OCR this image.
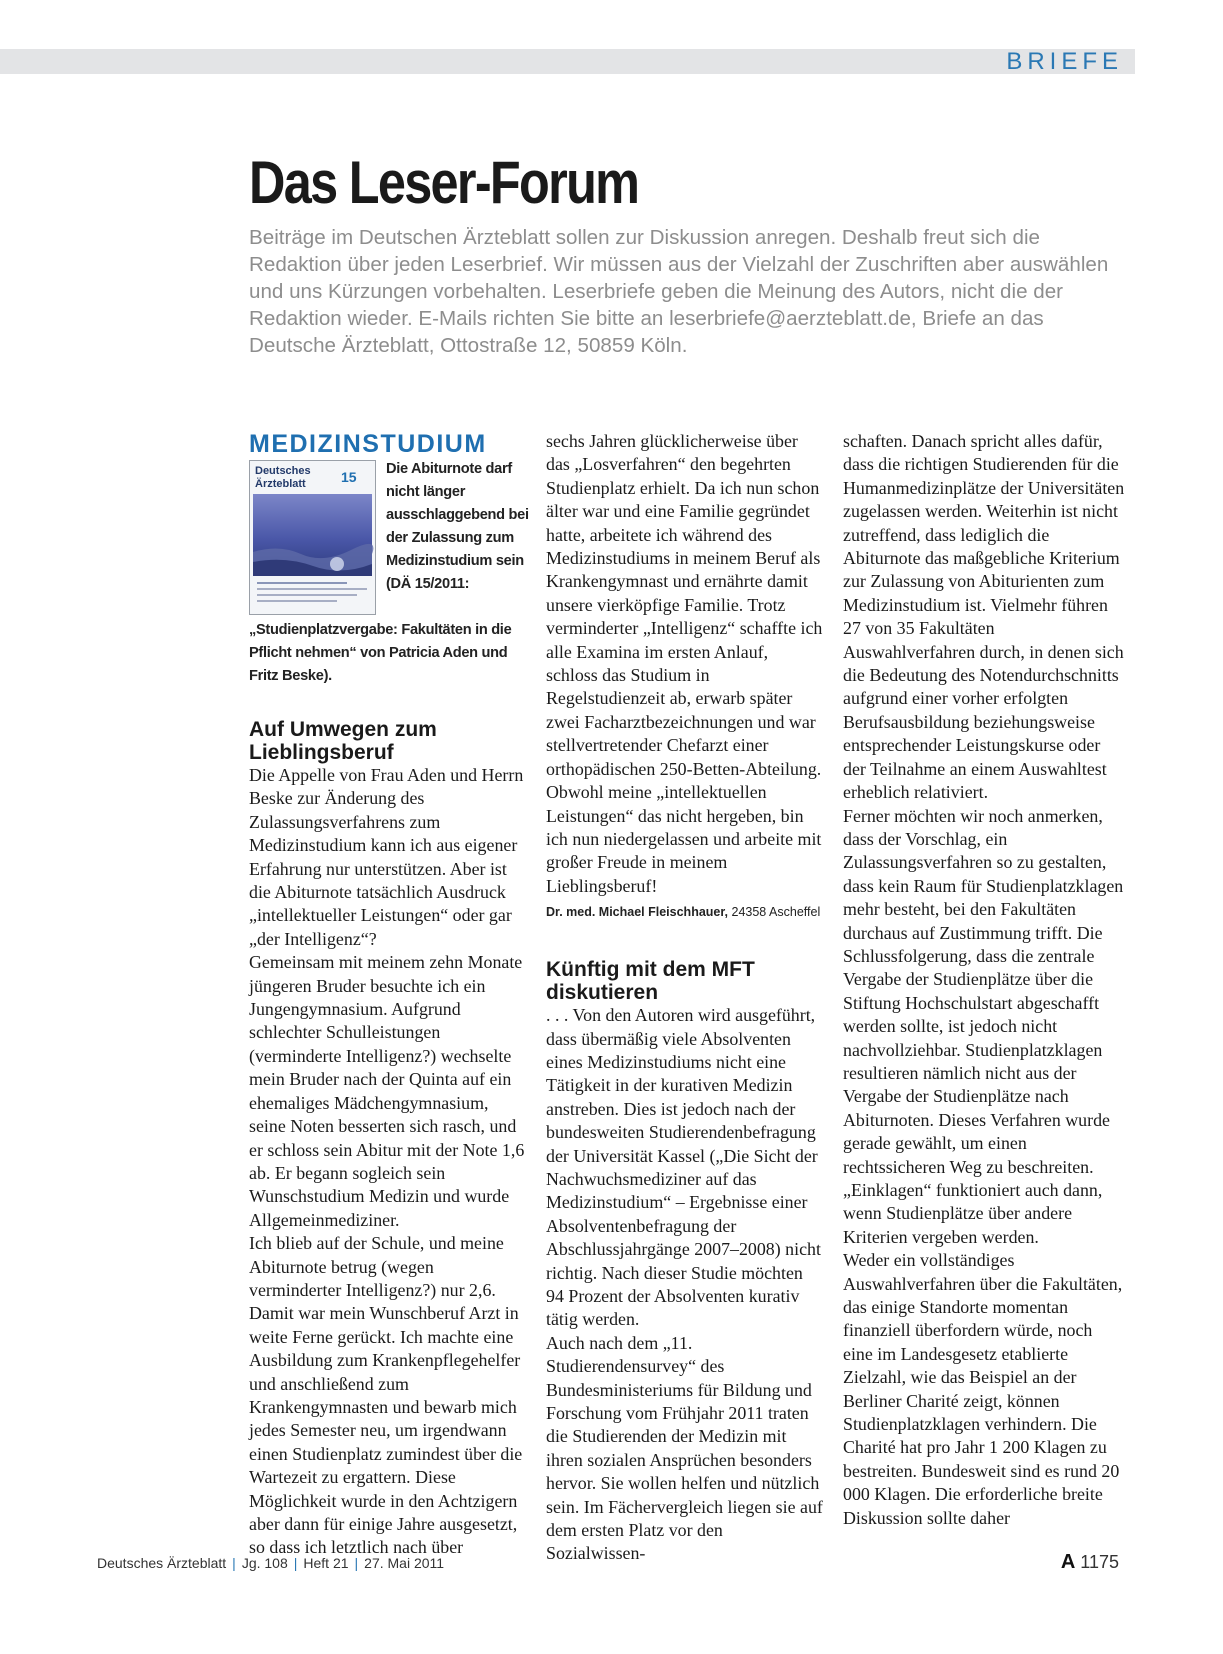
BRIEFE
Das Leser-Forum

Beiträge im Deutschen Ärzteblatt sollen zur Diskussion anregen. Deshalb freut sich die Redaktion über jeden Leserbrief. Wir müssen aus der Vielzahl der Zuschriften aber auswählen und uns Kürzungen vorbehalten. Leserbriefe geben die Meinung des Autors, nicht die der Redaktion wieder. E-Mails richten Sie bitte an leserbriefe@aerzteblatt.de, Briefe an das Deutsche Ärzteblatt, Ottostraße 12, 50859 Köln.

MEDIZINSTUDIUM
Deutsches
Ärzteblatt	15	Die Abiturnote darf nicht länger ausschlaggebend bei der Zulassung zum Medizinstudium sein (DÄ 15/2011: „Studienplatzvergabe: Fakultäten in die Pflicht nehmen“ von Patricia Aden und Fritz Beske).

Auf Umwegen zum Lieblingsberuf

Die Appelle von Frau Aden und Herrn Beske zur Änderung des Zulassungsverfahrens zum Medizinstudium kann ich aus eigener Erfahrung nur unterstützen. Aber ist die Abiturnote tatsächlich Ausdruck „intellektueller Leistungen“ oder gar „der Intelligenz“?

Gemeinsam mit meinem zehn Monate jüngeren Bruder besuchte ich ein Jungengymnasium. Aufgrund schlechter Schulleistungen (verminderte Intelligenz?) wechselte mein Bruder nach der Quinta auf ein ehemaliges Mädchengymnasium, seine Noten besserten sich rasch, und er schloss sein Abitur mit der Note 1,6 ab. Er begann sogleich sein Wunschstudium Medizin und wurde Allgemeinmediziner.

Ich blieb auf der Schule, und meine Abiturnote betrug (wegen verminderter Intelligenz?) nur 2,6. Damit war mein Wunschberuf Arzt in weite Ferne gerückt. Ich machte eine Ausbildung zum Krankenpflegehelfer und anschließend zum Krankengymnasten und bewarb mich jedes Semester neu, um irgendwann einen Studienplatz zumindest über die Wartezeit zu ergattern. Diese Möglichkeit wurde in den Achtzigern aber dann für einige Jahre ausgesetzt, so dass ich letztlich nach über

sechs Jahren glücklicherweise über das „Losverfahren“ den begehrten Studienplatz erhielt. Da ich nun schon älter war und eine Familie gegründet hatte, arbeitete ich während des Medizinstudiums in meinem Beruf als Krankengymnast und ernährte damit unsere vierköpfige Familie. Trotz verminderter „Intelligenz“ schaffte ich alle Examina im ersten Anlauf, schloss das Studium in Regelstudienzeit ab, erwarb später zwei Facharztbezeichnungen und war stellvertretender Chefarzt einer orthopädischen 250-Betten-Abteilung. Obwohl meine „intellektuellen Leistungen“ das nicht hergeben, bin ich nun niedergelassen und arbeite mit großer Freude in meinem Lieblingsberuf!

Dr. med. Michael Fleischhauer, 24358 Ascheffel

Künftig mit dem MFT diskutieren

. . . Von den Autoren wird ausgeführt, dass übermäßig viele Absolventen eines Medizinstudiums nicht eine Tätigkeit in der kurativen Medizin anstreben. Dies ist jedoch nach der bundesweiten Studierendenbefragung der Universität Kassel („Die Sicht der Nachwuchsmediziner auf das Medizinstudium“ – Ergebnisse einer Absolventenbefragung der Abschlussjahrgänge 2007–2008) nicht richtig. Nach dieser Studie möchten 94 Prozent der Absolventen kurativ tätig werden.

Auch nach dem „11. Studierendensurvey“ des Bundesministeriums für Bildung und Forschung vom Frühjahr 2011 traten die Studierenden der Medizin mit ihren sozialen Ansprüchen besonders hervor. Sie wollen helfen und nützlich sein. Im Fächervergleich liegen sie auf dem ersten Platz vor den Sozialwissen-

schaften. Danach spricht alles dafür, dass die richtigen Studierenden für die Humanmedizinplätze der Universitäten zugelassen werden. Weiterhin ist nicht zutreffend, dass lediglich die Abiturnote das maßgebliche Kriterium zur Zulassung von Abiturienten zum Medizinstudium ist. Vielmehr führen 27 von 35 Fakultäten Auswahlverfahren durch, in denen sich die Bedeutung des Notendurchschnitts aufgrund einer vorher erfolgten Berufsausbildung beziehungsweise entsprechender Leistungskurse oder der Teilnahme an einem Auswahltest erheblich relativiert.

Ferner möchten wir noch anmerken, dass der Vorschlag, ein Zulassungsverfahren so zu gestalten, dass kein Raum für Studienplatzklagen mehr besteht, bei den Fakultäten durchaus auf Zustimmung trifft. Die Schlussfolgerung, dass die zentrale Vergabe der Studienplätze über die Stiftung Hochschulstart abgeschafft werden sollte, ist jedoch nicht nachvollziehbar. Studienplatzklagen resultieren nämlich nicht aus der Vergabe der Studienplätze nach Abiturnoten. Dieses Verfahren wurde gerade gewählt, um einen rechtssicheren Weg zu beschreiten. „Einklagen“ funktioniert auch dann, wenn Studienplätze über andere Kriterien vergeben werden.

Weder ein vollständiges Auswahlverfahren über die Fakultäten, das einige Standorte momentan finanziell überfordern würde, noch eine im Landesgesetz etablierte Zielzahl, wie das Beispiel an der Berliner Charité zeigt, können Studienplatzklagen verhindern. Die Charité hat pro Jahr 1 200 Klagen zu bestreiten. Bundesweit sind es rund 20 000 Klagen. Die erforderliche breite Diskussion sollte daher

Deutsches Ärzteblatt | Jg. 108 | Heft 21 | 27. Mai 2011	A 1175
